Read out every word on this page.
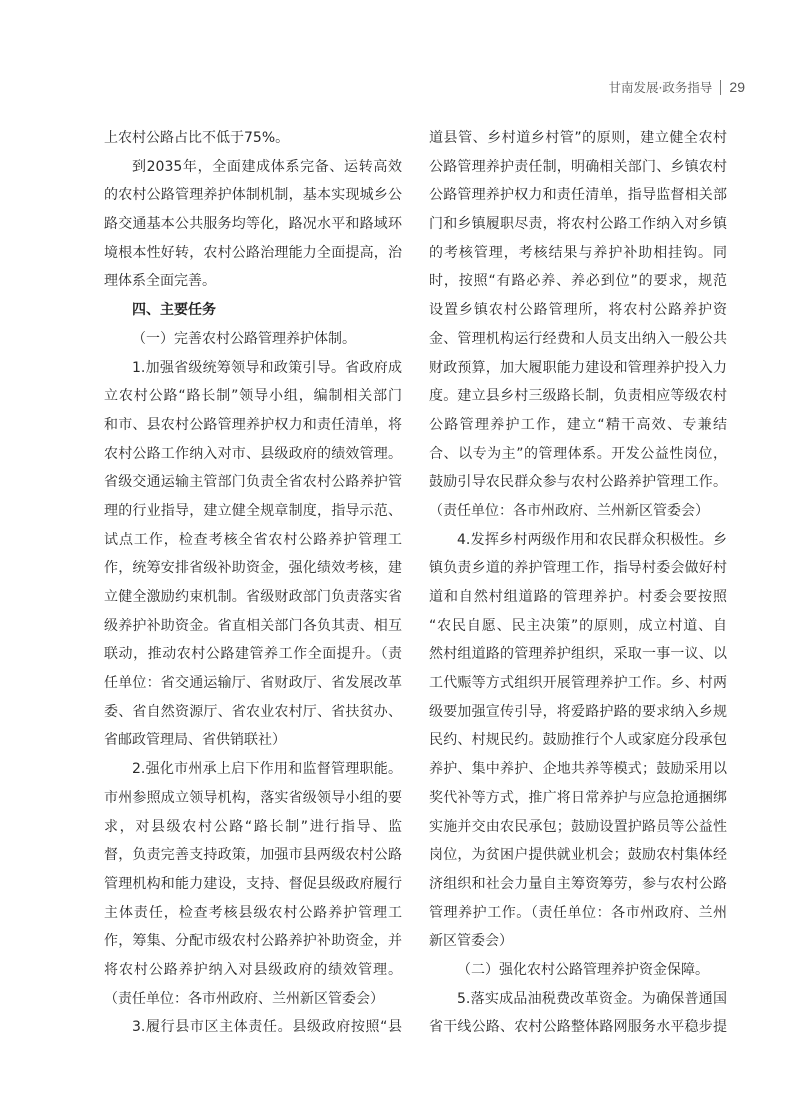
甘南发展·政务指导 29
上农村公路占比不低于75%。
到2035年，全面建成体系完备、运转高效
的农村公路管理养护体制机制，基本实现城乡公
路交通基本公共服务均等化，路况水平和路域环
境根本性好转，农村公路治理能力全面提高，治
理体系全面完善。
四、主要任务
（一）完善农村公路管理养护体制。
1.加强省级统筹领导和政策引导。省政府成
立农村公路“路长制”领导小组，编制相关部门
和市、县农村公路管理养护权力和责任清单，将
农村公路工作纳入对市、县级政府的绩效管理。
省级交通运输主管部门负责全省农村公路养护管
理的行业指导，建立健全规章制度，指导示范、
试点工作，检查考核全省农村公路养护管理工
作，统筹安排省级补助资金，强化绩效考核，建
立健全激励约束机制。省级财政部门负责落实省
级养护补助资金。省直相关部门各负其责、相互
联动，推动农村公路建管养工作全面提升。（责
任单位：省交通运输厅、省财政厅、省发展改革
委、省自然资源厅、省农业农村厅、省扶贫办、
省邮政管理局、省供销联社）
2.强化市州承上启下作用和监督管理职能。
市州参照成立领导机构，落实省级领导小组的要
求，对县级农村公路“路长制”进行指导、监
督，负责完善支持政策，加强市县两级农村公路
管理机构和能力建设，支持、督促县级政府履行
主体责任，检查考核县级农村公路养护管理工
作，筹集、分配市级农村公路养护补助资金，并
将农村公路养护纳入对县级政府的绩效管理。
（责任单位：各市州政府、兰州新区管委会）
3.履行县市区主体责任。县级政府按照“县
道县管、乡村道乡村管”的原则，建立健全农村
公路管理养护责任制，明确相关部门、乡镇农村
公路管理养护权力和责任清单，指导监督相关部
门和乡镇履职尽责，将农村公路工作纳入对乡镇
的考核管理，考核结果与养护补助相挂钩。同
时，按照“有路必养、养必到位”的要求，规范
设置乡镇农村公路管理所，将农村公路养护资
金、管理机构运行经费和人员支出纳入一般公共
财政预算，加大履职能力建设和管理养护投入力
度。建立县乡村三级路长制，负责相应等级农村
公路管理养护工作，建立“精干高效、专兼结
合、以专为主”的管理体系。开发公益性岗位，
鼓励引导农民群众参与农村公路养护管理工作。
（责任单位：各市州政府、兰州新区管委会）
4.发挥乡村两级作用和农民群众积极性。乡
镇负责乡道的养护管理工作，指导村委会做好村
道和自然村组道路的管理养护。村委会要按照
“农民自愿、民主决策”的原则，成立村道、自
然村组道路的管理养护组织，采取一事一议、以
工代赈等方式组织开展管理养护工作。乡、村两
级要加强宣传引导，将爱路护路的要求纳入乡规
民约、村规民约。鼓励推行个人或家庭分段承包
养护、集中养护、企地共养等模式；鼓励采用以
奖代补等方式，推广将日常养护与应急抢通捆绑
实施并交由农民承包；鼓励设置护路员等公益性
岗位，为贫困户提供就业机会；鼓励农村集体经
济组织和社会力量自主筹资筹劳，参与农村公路
管理养护工作。（责任单位：各市州政府、兰州
新区管委会）
（二）强化农村公路管理养护资金保障。
5.落实成品油税费改革资金。为确保普通国
省干线公路、农村公路整体路网服务水平稳步提
